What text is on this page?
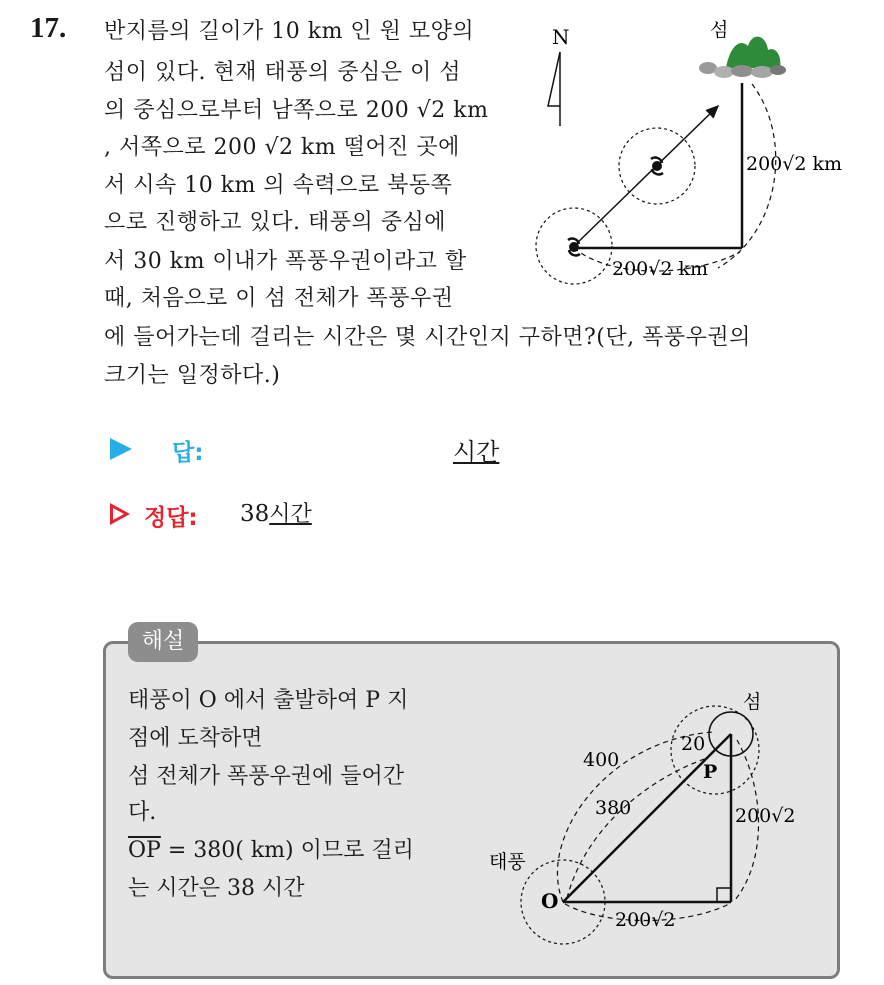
17. 반지름의 길이가 10 km 인 원 모양의
섬이 있다. 현재 태풍의 중심은 이 섬
의 중심으로부터 남쪽으로 200 √2 km
, 서쪽으로 200 √2 km 떨어진 곳에
서 시속 10 km 의 속력으로 북동쪽
으로 진행하고 있다. 태풍의 중심에
서 30 km 이내가 폭풍우권이라고 할
때, 처음으로 이 섬 전체가 폭풍우권
에 들어가는데 걸리는 시간은 몇 시간인지 구하면?(단, 폭풍우권의
크기는 일정하다.)
N	섬
200√2 km
200√2 km
답:	시간
정답: 38시간
해설
태풍이 O 에서 출발하여 P 지
점에 도착하면
섬 전체가 폭풍우권에 들어간
다.
$\overline{OP} = 380$( km) 이므로 걸리
는 시간은 38 시간
400
380
20
P
O
섬
태풍
200√2
200√2
